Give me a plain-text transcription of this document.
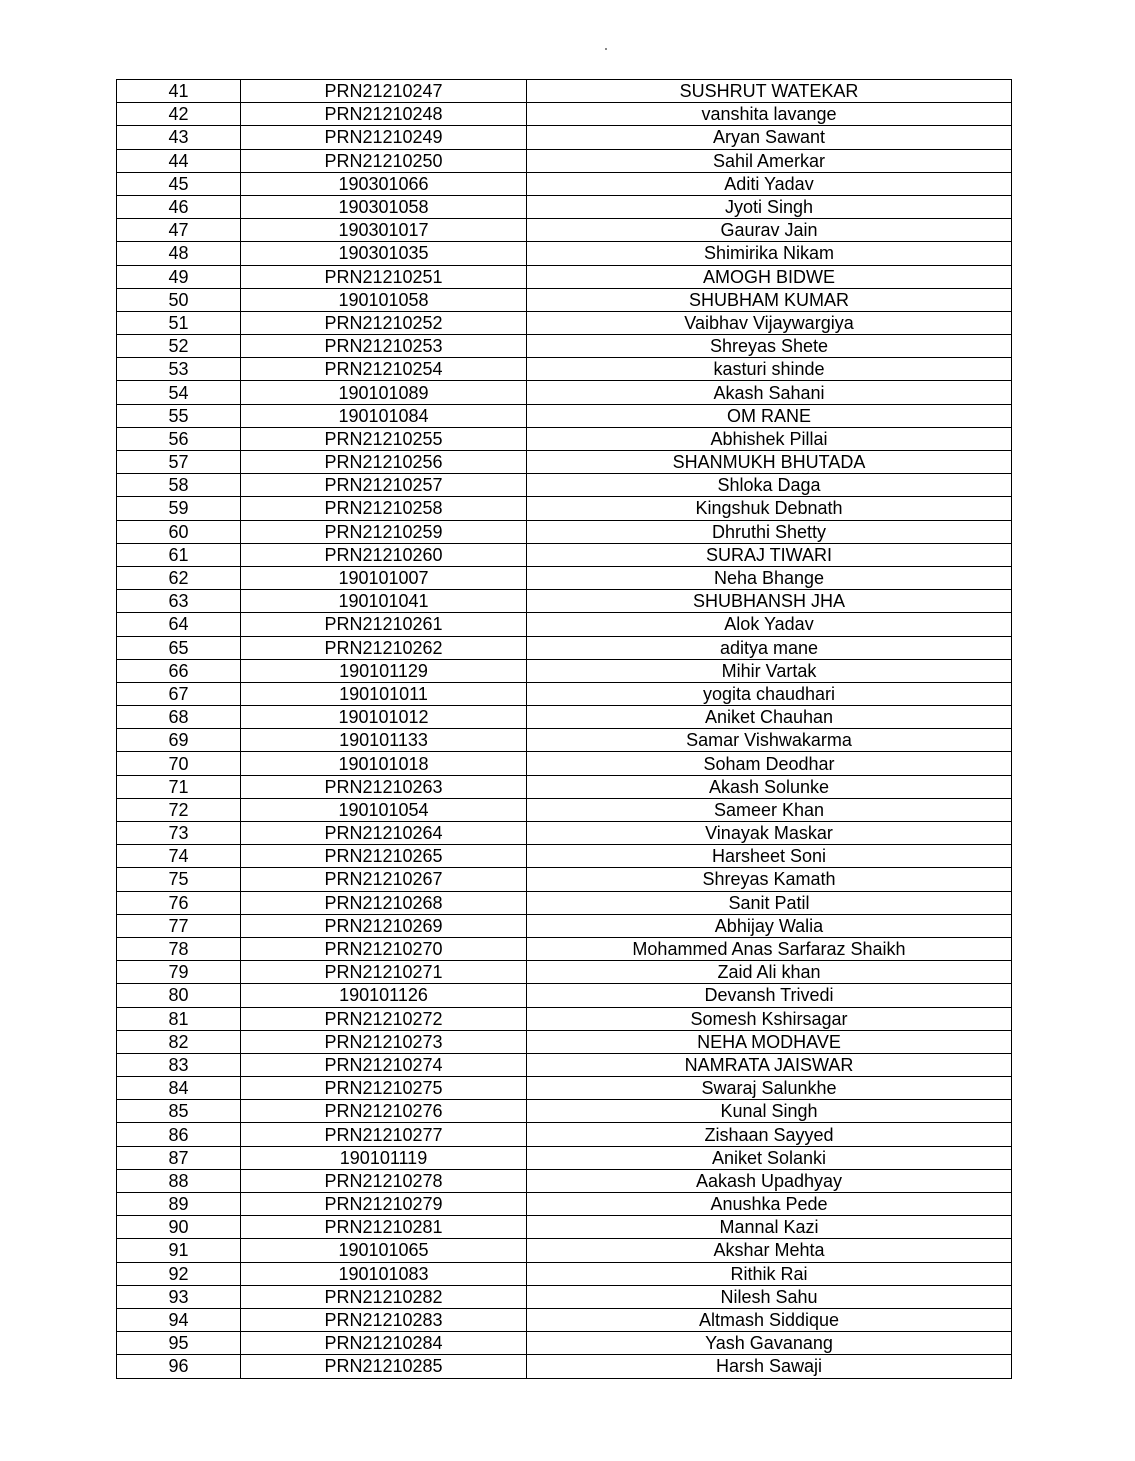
41	PRN21210247	SUSHRUT WATEKAR
42	PRN21210248	vanshita lavange
43	PRN21210249	Aryan Sawant
44	PRN21210250	Sahil Amerkar
45	190301066	Aditi Yadav
46	190301058	Jyoti Singh
47	190301017	Gaurav Jain
48	190301035	Shimirika Nikam
49	PRN21210251	AMOGH BIDWE
50	190101058	SHUBHAM KUMAR
51	PRN21210252	Vaibhav Vijaywargiya
52	PRN21210253	Shreyas Shete
53	PRN21210254	kasturi shinde
54	190101089	Akash Sahani
55	190101084	OM RANE
56	PRN21210255	Abhishek Pillai
57	PRN21210256	SHANMUKH BHUTADA
58	PRN21210257	Shloka Daga
59	PRN21210258	Kingshuk Debnath
60	PRN21210259	Dhruthi Shetty
61	PRN21210260	SURAJ TIWARI
62	190101007	Neha Bhange
63	190101041	SHUBHANSH JHA
64	PRN21210261	Alok Yadav
65	PRN21210262	aditya mane
66	190101129	Mihir Vartak
67	190101011	yogita chaudhari
68	190101012	Aniket Chauhan
69	190101133	Samar Vishwakarma
70	190101018	Soham Deodhar
71	PRN21210263	Akash Solunke
72	190101054	Sameer Khan
73	PRN21210264	Vinayak Maskar
74	PRN21210265	Harsheet Soni
75	PRN21210267	Shreyas Kamath
76	PRN21210268	Sanit Patil
77	PRN21210269	Abhijay Walia
78	PRN21210270	Mohammed Anas Sarfaraz Shaikh
79	PRN21210271	Zaid Ali khan
80	190101126	Devansh Trivedi
81	PRN21210272	Somesh Kshirsagar
82	PRN21210273	NEHA MODHAVE
83	PRN21210274	NAMRATA JAISWAR
84	PRN21210275	Swaraj Salunkhe
85	PRN21210276	Kunal Singh
86	PRN21210277	Zishaan Sayyed
87	190101119	Aniket Solanki
88	PRN21210278	Aakash Upadhyay
89	PRN21210279	Anushka Pede
90	PRN21210281	Mannal Kazi
91	190101065	Akshar Mehta
92	190101083	Rithik Rai
93	PRN21210282	Nilesh Sahu
94	PRN21210283	Altmash Siddique
95	PRN21210284	Yash Gavanang
96	PRN21210285	Harsh Sawaji
